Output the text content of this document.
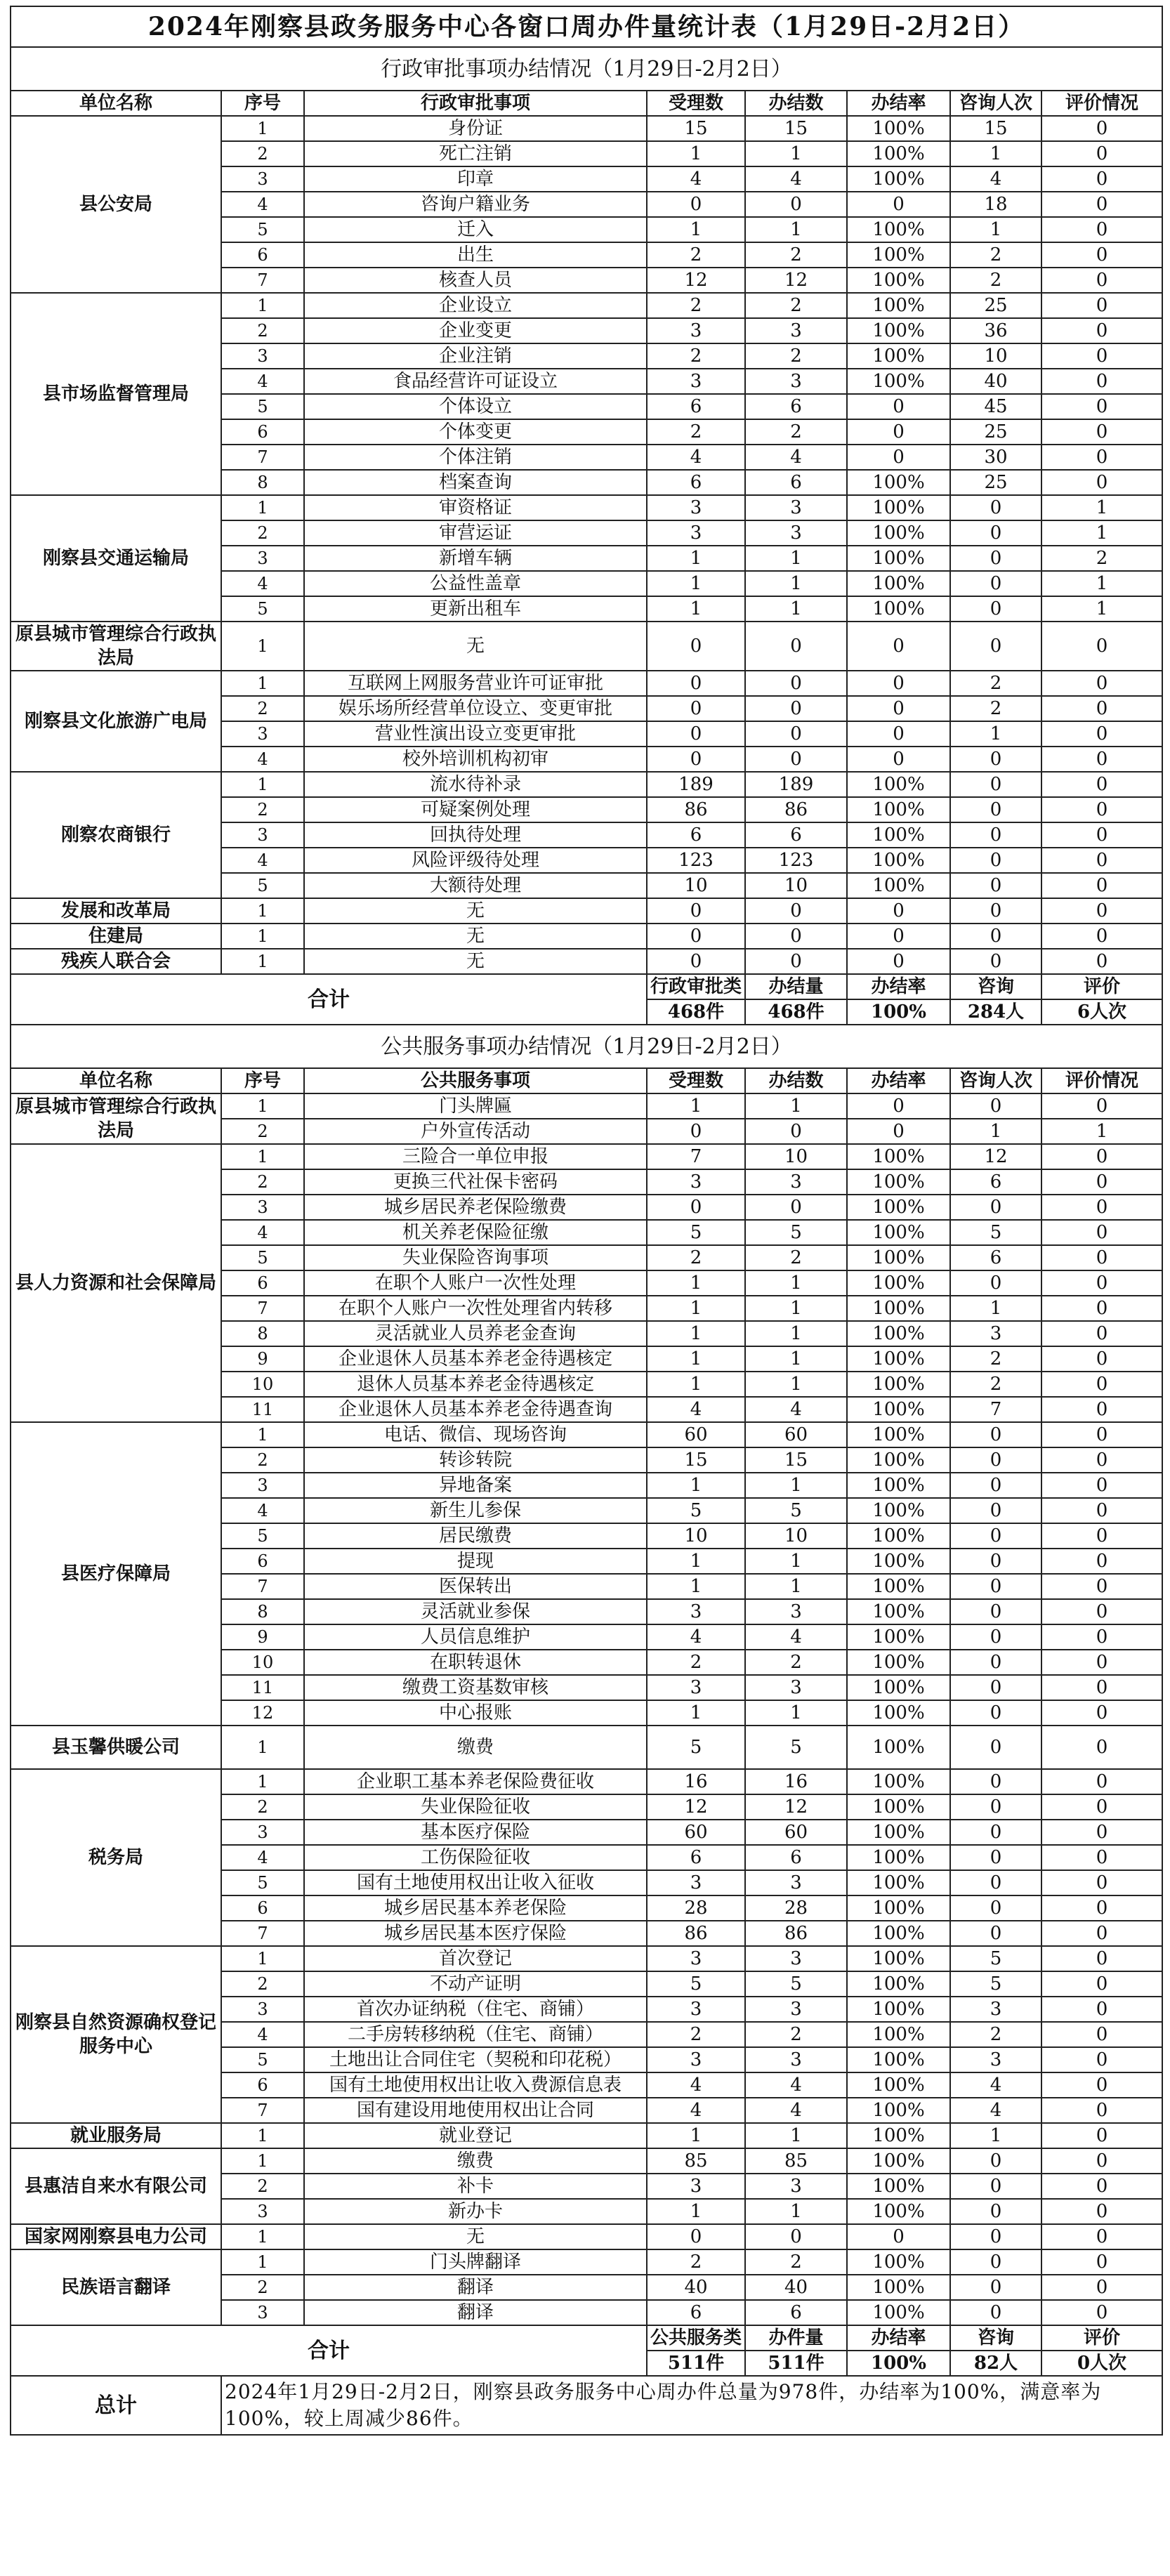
2024年刚察县政务服务中心各窗口周办件量统计表（1月29日-2月2日）							
行政审批事项办结情况（1月29日-2月2日）							
单位名称	序号	行政审批事项	受理数	办结数	办结率	咨询人次	评价情况
县公安局	1	身份证	15	15	100%	15	0
	2	死亡注销	1	1	100%	1	0
	3	印章	4	4	100%	4	0
	4	咨询户籍业务	0	0	0	18	0
	5	迁入	1	1	100%	1	0
	6	出生	2	2	100%	2	0
	7	核查人员	12	12	100%	2	0
县市场监督管理局	1	企业设立	2	2	100%	25	0
	2	企业变更	3	3	100%	36	0
	3	企业注销	2	2	100%	10	0
	4	食品经营许可证设立	3	3	100%	40	0
	5	个体设立	6	6	0	45	0
	6	个体变更	2	2	0	25	0
	7	个体注销	4	4	0	30	0
	8	档案查询	6	6	100%	25	0
刚察县交通运输局	1	审资格证	3	3	100%	0	1
	2	审营运证	3	3	100%	0	1
	3	新增车辆	1	1	100%	0	2
	4	公益性盖章	1	1	100%	0	1
	5	更新出租车	1	1	100%	0	1
原县城市管理综合行政执法局	1	无	0	0	0	0	0
刚察县文化旅游广电局	1	互联网上网服务营业许可证审批	0	0	0	2	0
	2	娱乐场所经营单位设立、变更审批	0	0	0	2	0
	3	营业性演出设立变更审批	0	0	0	1	0
	4	校外培训机构初审	0	0	0	0	0
刚察农商银行	1	流水待补录	189	189	100%	0	0
	2	可疑案例处理	86	86	100%	0	0
	3	回执待处理	6	6	100%	0	0
	4	风险评级待处理	123	123	100%	0	0
	5	大额待处理	10	10	100%	0	0
发展和改革局	1	无	0	0	0	0	0
住建局	1	无	0	0	0	0	0
残疾人联合会	1	无	0	0	0	0	0
合计			行政审批类	办结量	办结率	咨询	评价
			468件	468件	100%	284人	6人次
公共服务事项办结情况（1月29日-2月2日）							
单位名称	序号	公共服务事项	受理数	办结数	办结率	咨询人次	评价情况
原县城市管理综合行政执法局	1	门头牌匾	1	1	0	0	0
	2	户外宣传活动	0	0	0	1	1
县人力资源和社会保障局	1	三险合一单位申报	7	10	100%	12	0
	2	更换三代社保卡密码	3	3	100%	6	0
	3	城乡居民养老保险缴费	0	0	100%	0	0
	4	机关养老保险征缴	5	5	100%	5	0
	5	失业保险咨询事项	2	2	100%	6	0
	6	在职个人账户一次性处理	1	1	100%	0	0
	7	在职个人账户一次性处理省内转移	1	1	100%	1	0
	8	灵活就业人员养老金查询	1	1	100%	3	0
	9	企业退休人员基本养老金待遇核定	1	1	100%	2	0
	10	退休人员基本养老金待遇核定	1	1	100%	2	0
	11	企业退休人员基本养老金待遇查询	4	4	100%	7	0
县医疗保障局	1	电话、微信、现场咨询	60	60	100%	0	0
	2	转诊转院	15	15	100%	0	0
	3	异地备案	1	1	100%	0	0
	4	新生儿参保	5	5	100%	0	0
	5	居民缴费	10	10	100%	0	0
	6	提现	1	1	100%	0	0
	7	医保转出	1	1	100%	0	0
	8	灵活就业参保	3	3	100%	0	0
	9	人员信息维护	4	4	100%	0	0
	10	在职转退休	2	2	100%	0	0
	11	缴费工资基数审核	3	3	100%	0	0
	12	中心报账	1	1	100%	0	0
县玉馨供暖公司	1	缴费	5	5	100%	0	0
税务局	1	企业职工基本养老保险费征收	16	16	100%	0	0
	2	失业保险征收	12	12	100%	0	0
	3	基本医疗保险	60	60	100%	0	0
	4	工伤保险征收	6	6	100%	0	0
	5	国有土地使用权出让收入征收	3	3	100%	0	0
	6	城乡居民基本养老保险	28	28	100%	0	0
	7	城乡居民基本医疗保险	86	86	100%	0	0
刚察县自然资源确权登记服务中心	1	首次登记	3	3	100%	5	0
	2	不动产证明	5	5	100%	5	0
	3	首次办证纳税（住宅、商铺）	3	3	100%	3	0
	4	二手房转移纳税（住宅、商铺）	2	2	100%	2	0
	5	土地出让合同住宅（契税和印花税）	3	3	100%	3	0
	6	国有土地使用权出让收入费源信息表	4	4	100%	4	0
	7	国有建设用地使用权出让合同	4	4	100%	4	0
就业服务局	1	就业登记	1	1	100%	1	0
县惠洁自来水有限公司	1	缴费	85	85	100%	0	0
	2	补卡	3	3	100%	0	0
	3	新办卡	1	1	100%	0	0
国家网刚察县电力公司	1	无	0	0	0	0	0
民族语言翻译	1	门头牌翻译	2	2	100%	0	0
	2	翻译	40	40	100%	0	0
	3	翻译	6	6	100%	0	0
合计			公共服务类	办件量	办结率	咨询	评价
			511件	511件	100%	82人	0人次
总计	2024年1月29日-2月2日，刚察县政务服务中心周办件总量为978件，办结率为100%，满意率为100%，较上周减少86件。						
